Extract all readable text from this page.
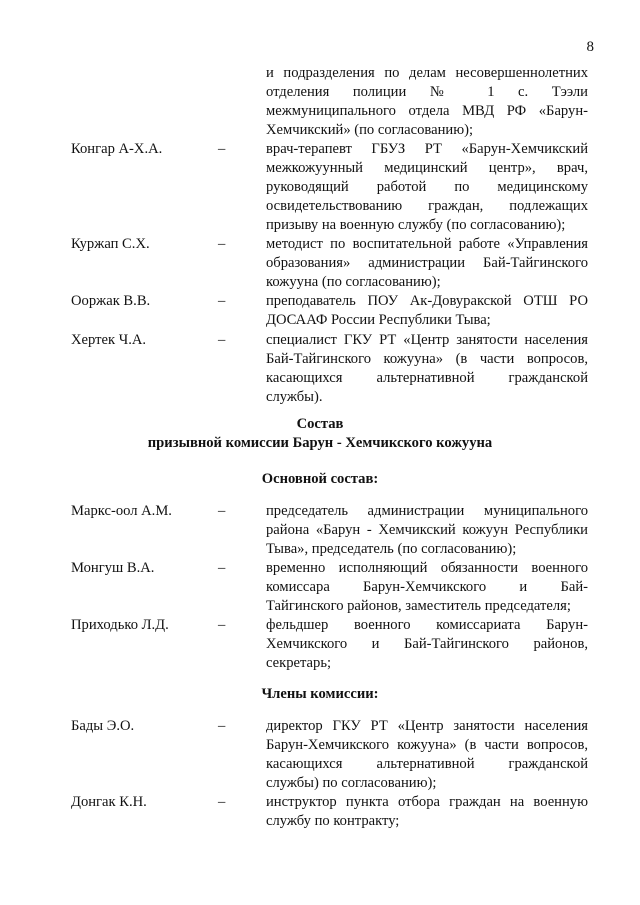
8
и подразделения по делам несовершеннолетних
отделения полиции № 1 с. Тээли
межмуниципального отдела МВД РФ «Барун-
Хемчикский» (по согласованию);
Конгар А-Х.А.	–	врач-терапевт ГБУЗ РТ «Барун-Хемчикский
межкожуунный медицинский центр», врач,
руководящий работой по медицинскому
освидетельствованию граждан, подлежащих
призыву на военную службу (по согласованию);
Куржап С.Х.	–	методист по воспитательной работе «Управления
образования» администрации Бай-Тайгинского
кожууна (по согласованию);
Ооржак В.В.	–	преподаватель ПОУ Ак-Довуракской ОТШ РО
ДОСААФ России Республики Тыва;
Хертек Ч.А.	–	специалист ГКУ РТ «Центр занятости населения
Бай-Тайгинского кожууна» (в части вопросов,
касающихся альтернативной гражданской
службы).
Состав
призывной комиссии Барун - Хемчикского кожууна
Основной состав:
Маркс-оол А.М.	–	председатель администрации муниципального
района «Барун - Хемчикский кожуун Республики
Тыва», председатель (по согласованию);
Монгуш В.А.	–	временно исполняющий обязанности военного
комиссара Барун-Хемчикского и Бай-
Тайгинского районов, заместитель председателя;
Приходько Л.Д.	–	фельдшер военного комиссариата Барун-
Хемчикского и Бай-Тайгинского районов,
секретарь;
Члены комиссии:
Бады Э.О.	–	директор ГКУ РТ «Центр занятости населения
Барун-Хемчикского кожууна» (в части вопросов,
касающихся альтернативной гражданской
службы) по согласованию);
Донгак К.Н.	–	инструктор пункта отбора граждан на военную
службу по контракту;
